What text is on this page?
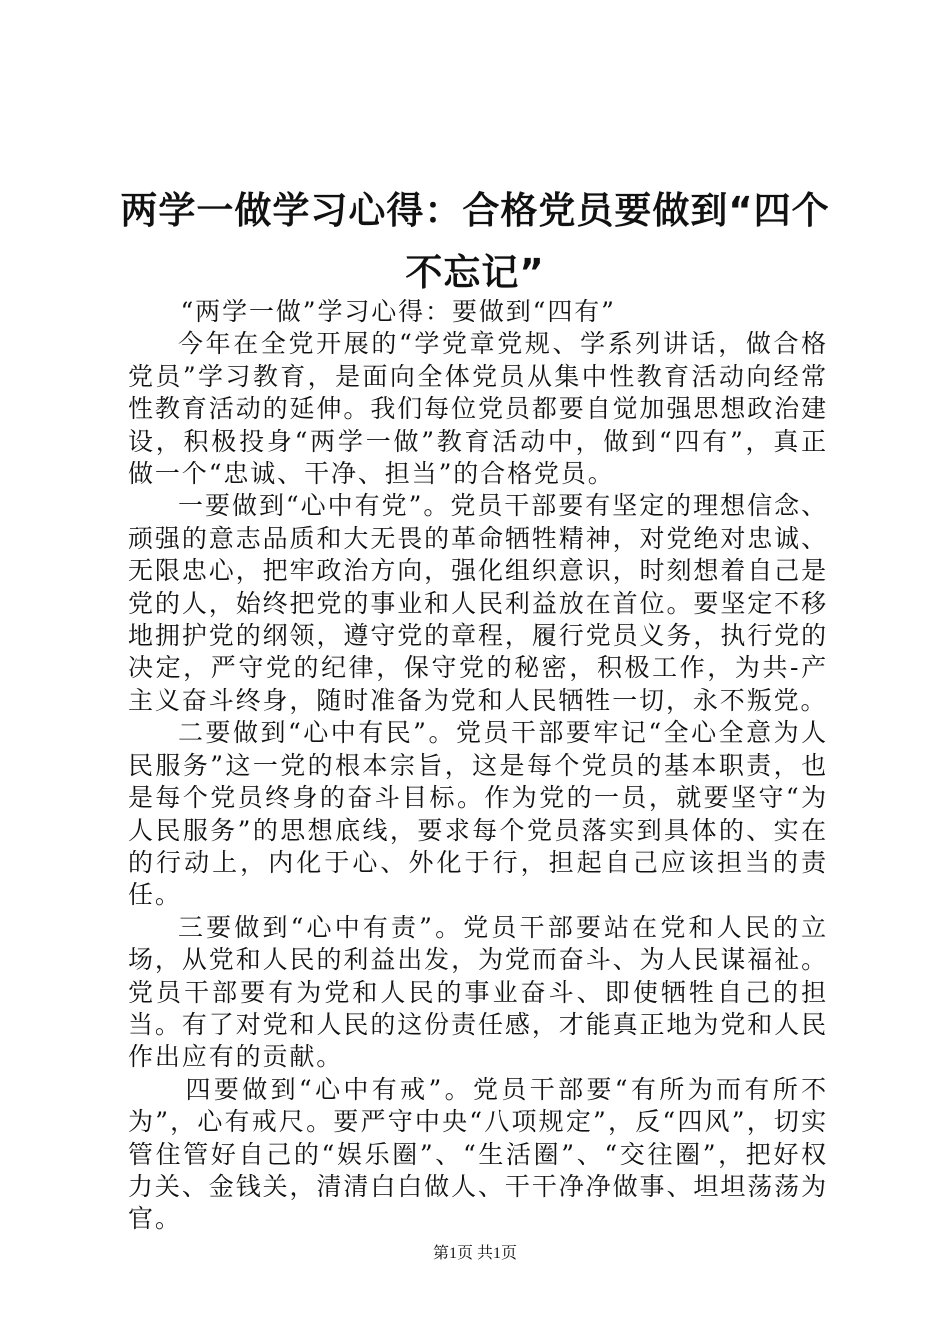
两学一做学习心得：合格党员要做到“四个不忘记”

“两学一做”学习心得：要做到“四有”

今年在全党开展的“学党章党规、学系列讲话，做合格党员”学习教育，是面向全体党员从集中性教育活动向经常性教育活动的延伸。我们每位党员都要自觉加强思想政治建设，积极投身“两学一做”教育活动中，做到“四有”，真正做一个“忠诚、干净、担当”的合格党员。

一要做到“心中有党”。党员干部要有坚定的理想信念、顽强的意志品质和大无畏的革命牺牲精神，对党绝对忠诚、无限忠心，把牢政治方向，强化组织意识，时刻想着自己是党的人，始终把党的事业和人民利益放在首位。要坚定不移地拥护党的纲领，遵守党的章程，履行党员义务，执行党的决定，严守党的纪律，保守党的秘密，积极工作，为共-产主义奋斗终身，随时准备为党和人民牺牲一切，永不叛党。

二要做到“心中有民”。党员干部要牢记“全心全意为人民服务”这一党的根本宗旨，这是每个党员的基本职责，也是每个党员终身的奋斗目标。作为党的一员，就要坚守“为人民服务”的思想底线，要求每个党员落实到具体的、实在的行动上，内化于心、外化于行，担起自己应该担当的责任。

三要做到“心中有责”。党员干部要站在党和人民的立场，从党和人民的利益出发，为党而奋斗、为人民谋福祉。党员干部要有为党和人民的事业奋斗、即使牺牲自己的担当。有了对党和人民的这份责任感，才能真正地为党和人民作出应有的贡献。

四要做到“心中有戒”。党员干部要“有所为而有所不为”，心有戒尺。要严守中央“八项规定”，反“四风”，切实管住管好自己的“娱乐圈”、“生活圈”、“交往圈”，把好权力关、金钱关，清清白白做人、干干净净做事、坦坦荡荡为官。

第1页 共1页
